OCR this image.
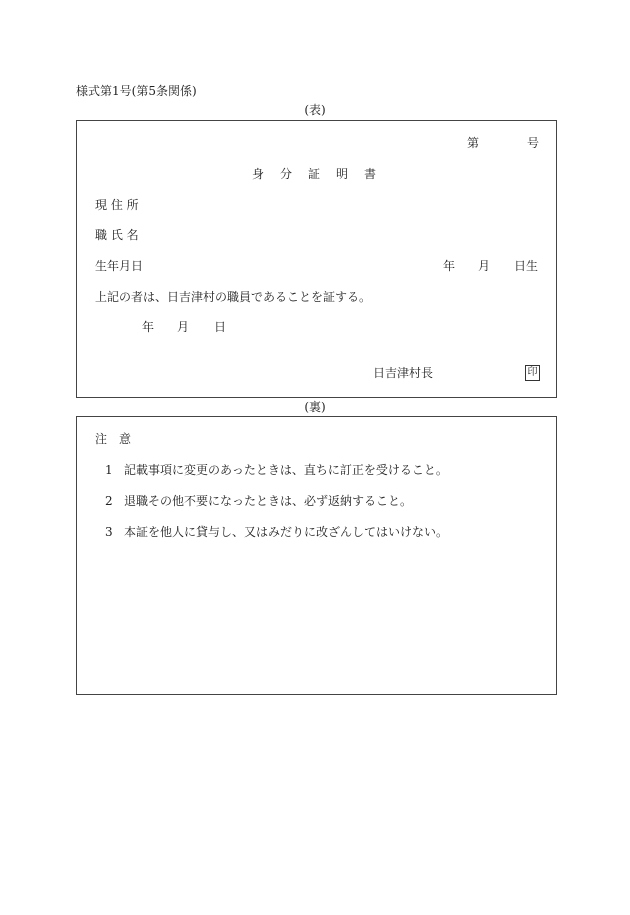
様式第1号(第5条関係)
(表)
第	号
身　分　証　明　書
現 住 所
職 氏 名
生年月日	年 月 日生
上記の者は、日吉津村の職員であることを証する。
年 月 日
日吉津村長	印
(裏)
注　意
1 記載事項に変更のあったときは、直ちに訂正を受けること。
2 退職その他不要になったときは、必ず返納すること。
3 本証を他人に貸与し、又はみだりに改ざんしてはいけない。
